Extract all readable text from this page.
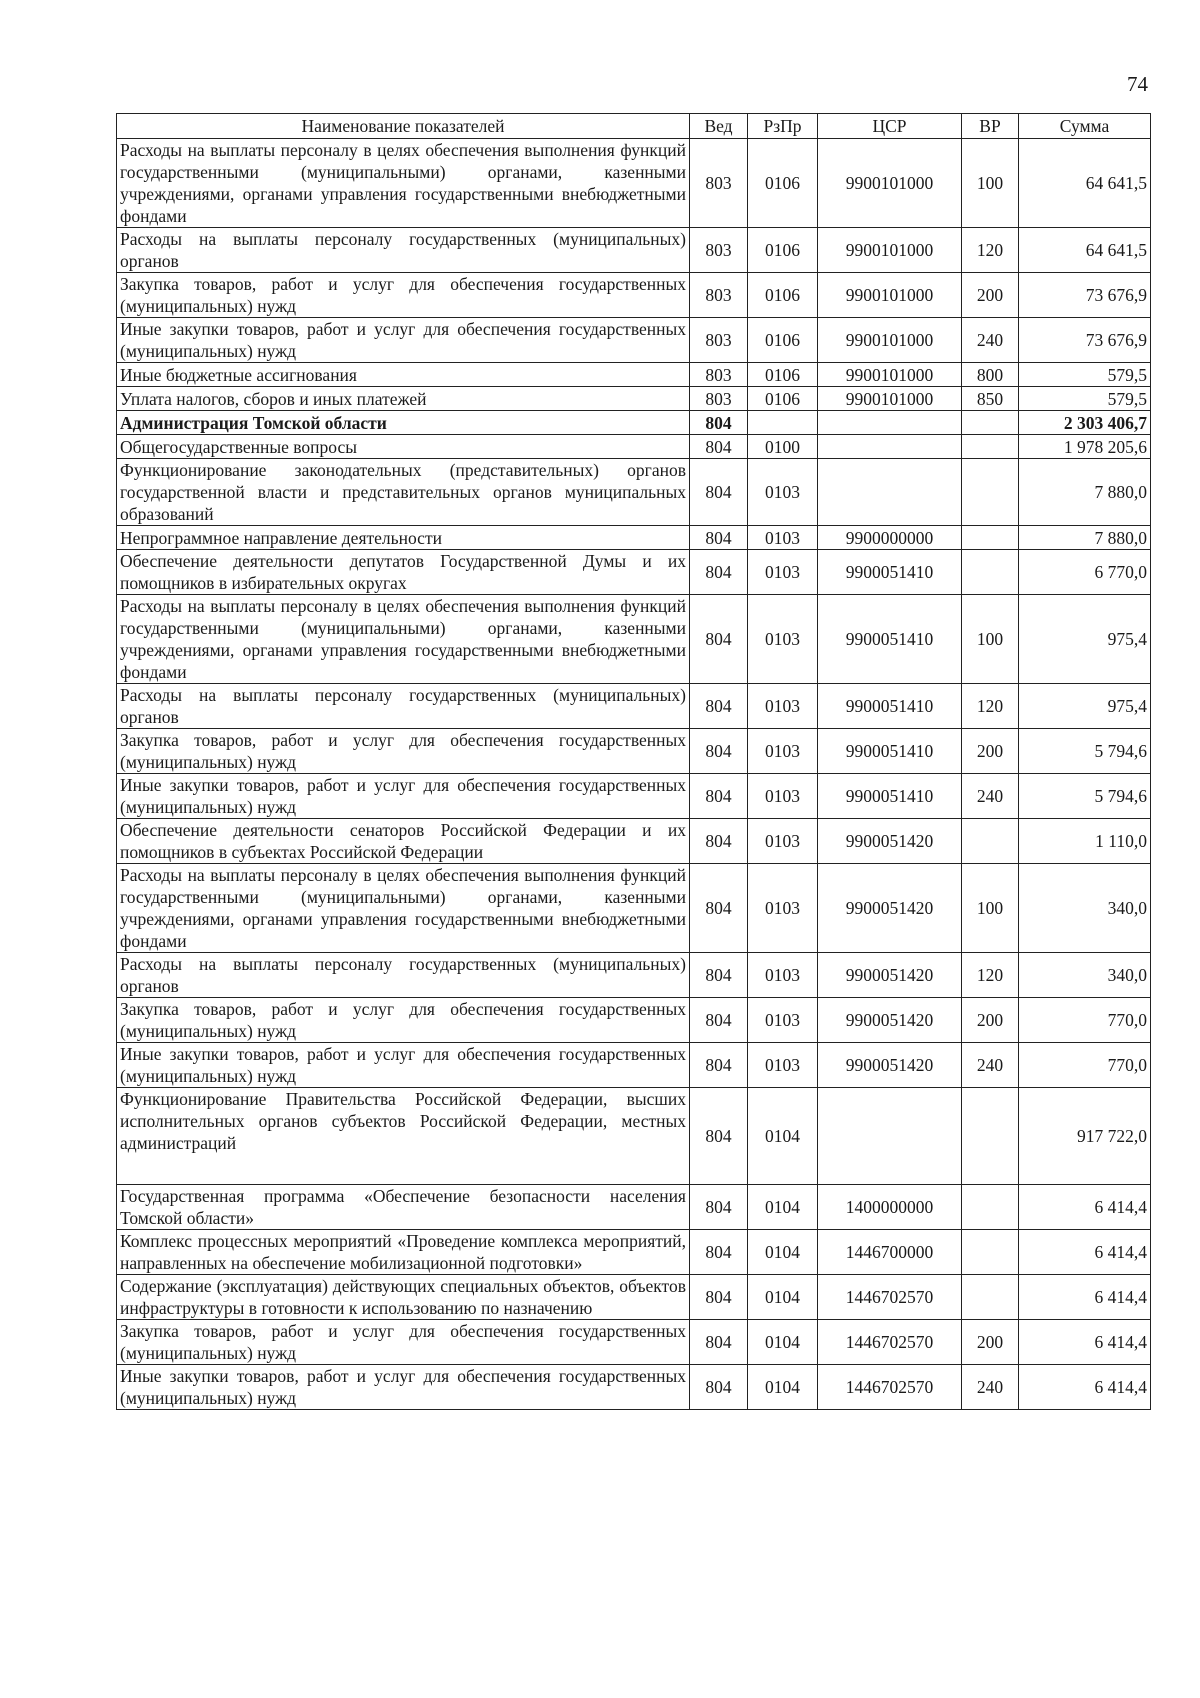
74
Наименование показателей	Вед	РзПр	ЦСР	ВР	Сумма
Расходы на выплаты персоналу в целях обеспечения выполнения функций государственными (муниципальными) органами, казенными учреждениями, органами управления государственными внебюджетными фондами	803	0106	9900101000	100	64 641,5
Расходы на выплаты персоналу государственных (муниципальных) органов	803	0106	9900101000	120	64 641,5
Закупка товаров, работ и услуг для обеспечения государственных (муниципальных) нужд	803	0106	9900101000	200	73 676,9
Иные закупки товаров, работ и услуг для обеспечения государственных (муниципальных) нужд	803	0106	9900101000	240	73 676,9
Иные бюджетные ассигнования	803	0106	9900101000	800	579,5
Уплата налогов, сборов и иных платежей	803	0106	9900101000	850	579,5
Администрация Томской области	804				2 303 406,7
Общегосударственные вопросы	804	0100			1 978 205,6
Функционирование законодательных (представительных) органов государственной власти и представительных органов муниципальных образований	804	0103			7 880,0
Непрограммное направление деятельности	804	0103	9900000000		7 880,0
Обеспечение деятельности депутатов Государственной Думы и их помощников в избирательных округах	804	0103	9900051410		6 770,0
Расходы на выплаты персоналу в целях обеспечения выполнения функций государственными (муниципальными) органами, казенными учреждениями, органами управления государственными внебюджетными фондами	804	0103	9900051410	100	975,4
Расходы на выплаты персоналу государственных (муниципальных) органов	804	0103	9900051410	120	975,4
Закупка товаров, работ и услуг для обеспечения государственных (муниципальных) нужд	804	0103	9900051410	200	5 794,6
Иные закупки товаров, работ и услуг для обеспечения государственных (муниципальных) нужд	804	0103	9900051410	240	5 794,6
Обеспечение деятельности сенаторов Российской Федерации и их помощников в субъектах Российской Федерации	804	0103	9900051420		1 110,0
Расходы на выплаты персоналу в целях обеспечения выполнения функций государственными (муниципальными) органами, казенными учреждениями, органами управления государственными внебюджетными фондами	804	0103	9900051420	100	340,0
Расходы на выплаты персоналу государственных (муниципальных) органов	804	0103	9900051420	120	340,0
Закупка товаров, работ и услуг для обеспечения государственных (муниципальных) нужд	804	0103	9900051420	200	770,0
Иные закупки товаров, работ и услуг для обеспечения государственных (муниципальных) нужд	804	0103	9900051420	240	770,0
Функционирование Правительства Российской Федерации, высших исполнительных органов субъектов Российской Федерации, местных администраций	804	0104			917 722,0
Государственная программа «Обеспечение безопасности населения Томской области»	804	0104	1400000000		6 414,4
Комплекс процессных мероприятий «Проведение комплекса мероприятий, направленных на обеспечение мобилизационной подготовки»	804	0104	1446700000		6 414,4
Содержание (эксплуатация) действующих специальных объектов, объектов инфраструктуры в готовности к использованию по назначению	804	0104	1446702570		6 414,4
Закупка товаров, работ и услуг для обеспечения государственных (муниципальных) нужд	804	0104	1446702570	200	6 414,4
Иные закупки товаров, работ и услуг для обеспечения государственных (муниципальных) нужд	804	0104	1446702570	240	6 414,4
